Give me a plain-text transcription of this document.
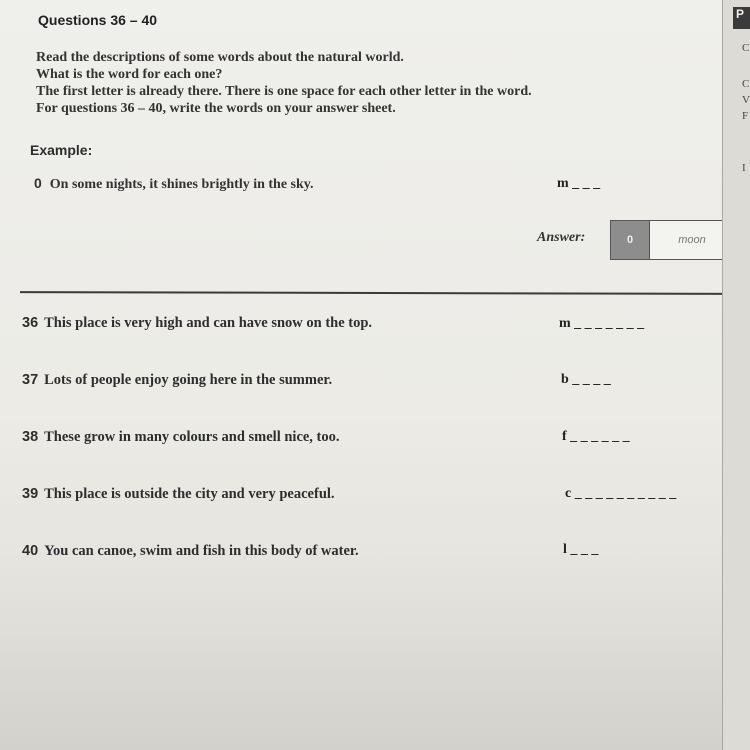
Questions 36 – 40
Read the descriptions of some words about the natural world.
What is the word for each one?
The first letter is already there. There is one space for each other letter in the word.
For questions 36 – 40, write the words on your answer sheet.
Example:
0 On some nights, it shines brightly in the sky.	m _ _ _
Answer:	0	moon
36 This place is very high and can have snow on the top.	m _ _ _ _ _ _ _
37 Lots of people enjoy going here in the summer.	b _ _ _ _
38 These grow in many colours and smell nice, too.	f _ _ _ _ _ _
39 This place is outside the city and very peaceful.	c _ _ _ _ _ _ _ _ _ _
40 You can canoe, swim and fish in this body of water.	l _ _ _
P
C
C
V
F
I
